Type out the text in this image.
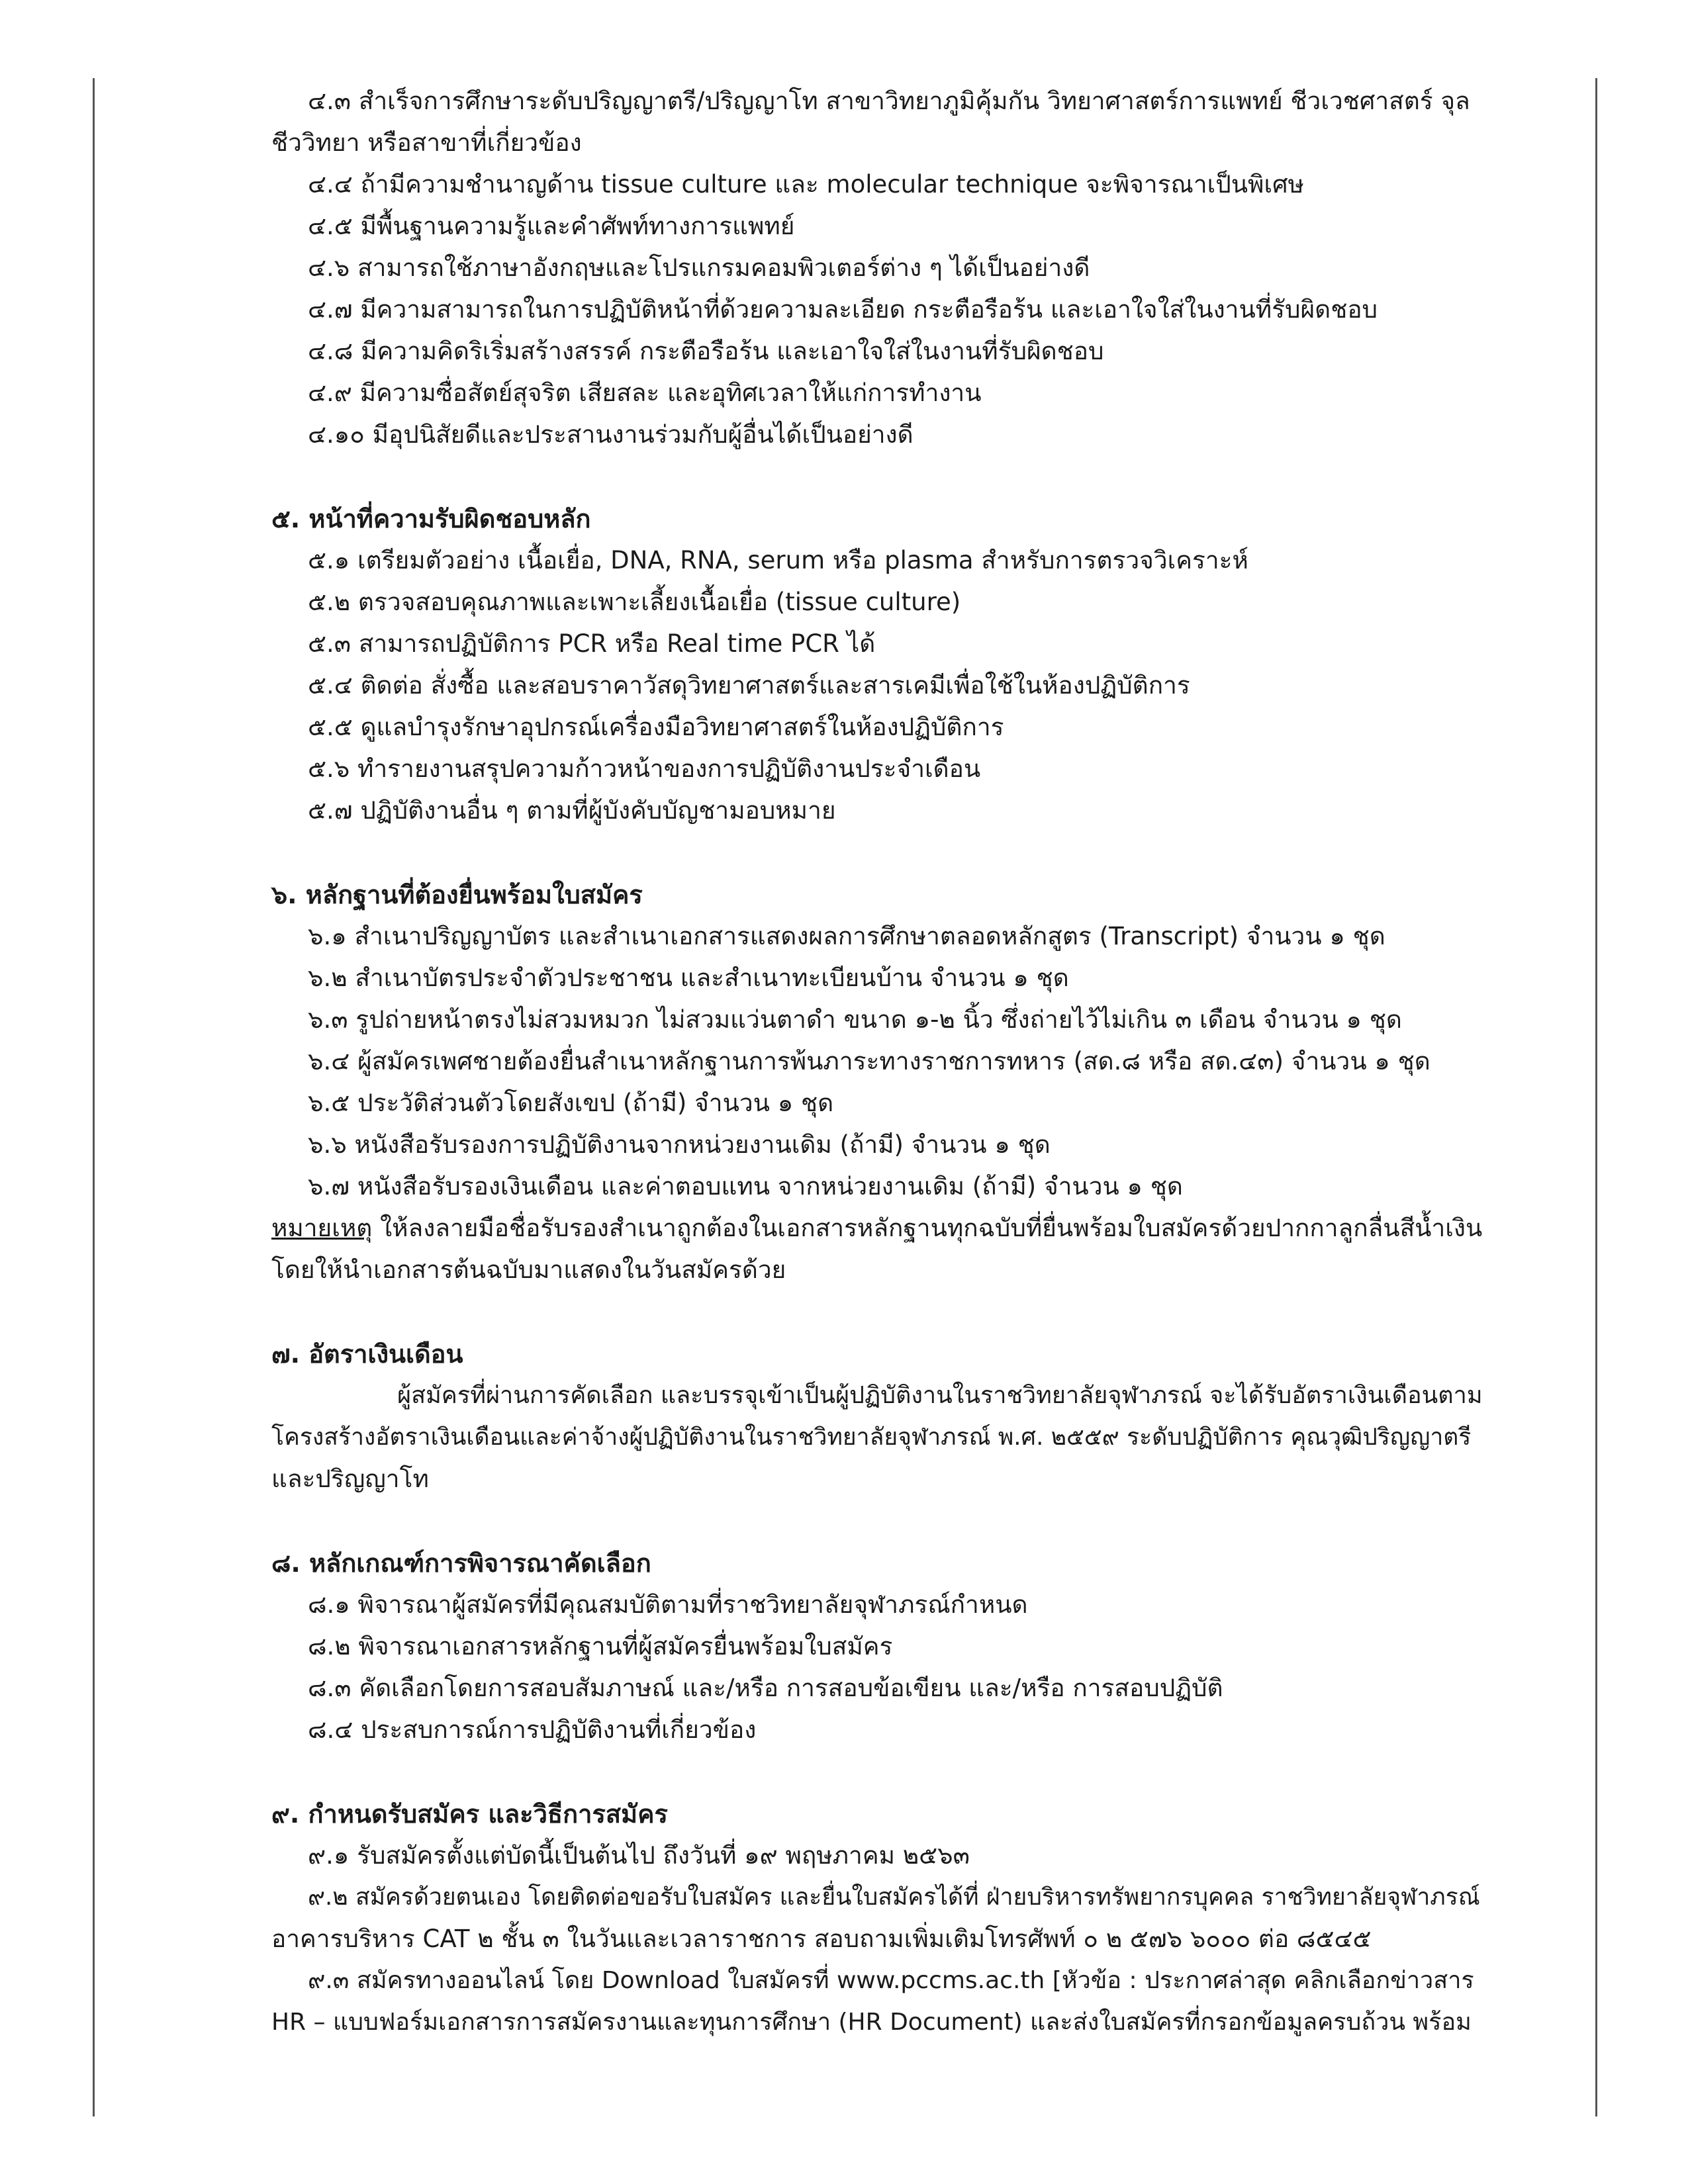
๔.๓ สำเร็จการศึกษาระดับปริญญาตรี/ปริญญาโท สาขาวิทยาภูมิคุ้มกัน วิทยาศาสตร์การแพทย์ ชีวเวชศาสตร์ จุล
ชีววิทยา หรือสาขาที่เกี่ยวข้อง
๔.๔ ถ้ามีความชำนาญด้าน tissue culture และ molecular technique จะพิจารณาเป็นพิเศษ
๔.๕ มีพื้นฐานความรู้และคำศัพท์ทางการแพทย์
๔.๖ สามารถใช้ภาษาอังกฤษและโปรแกรมคอมพิวเตอร์ต่าง ๆ ได้เป็นอย่างดี
๔.๗ มีความสามารถในการปฏิบัติหน้าที่ด้วยความละเอียด กระตือรือร้น และเอาใจใส่ในงานที่รับผิดชอบ
๔.๘ มีความคิดริเริ่มสร้างสรรค์ กระตือรือร้น และเอาใจใส่ในงานที่รับผิดชอบ
๔.๙ มีความซื่อสัตย์สุจริต เสียสละ และอุทิศเวลาให้แก่การทำงาน
๔.๑๐ มีอุปนิสัยดีและประสานงานร่วมกับผู้อื่นได้เป็นอย่างดี
๕. หน้าที่ความรับผิดชอบหลัก
๕.๑ เตรียมตัวอย่าง เนื้อเยื่อ, DNA, RNA, serum หรือ plasma สำหรับการตรวจวิเคราะห์
๕.๒ ตรวจสอบคุณภาพและเพาะเลี้ยงเนื้อเยื่อ (tissue culture)
๕.๓ สามารถปฏิบัติการ PCR หรือ Real time PCR ได้
๕.๔ ติดต่อ สั่งซื้อ และสอบราคาวัสดุวิทยาศาสตร์และสารเคมีเพื่อใช้ในห้องปฏิบัติการ
๕.๕ ดูแลบำรุงรักษาอุปกรณ์เครื่องมือวิทยาศาสตร์ในห้องปฏิบัติการ
๕.๖ ทำรายงานสรุปความก้าวหน้าของการปฏิบัติงานประจำเดือน
๕.๗ ปฏิบัติงานอื่น ๆ ตามที่ผู้บังคับบัญชามอบหมาย
๖. หลักฐานที่ต้องยื่นพร้อมใบสมัคร
๖.๑ สำเนาปริญญาบัตร และสำเนาเอกสารแสดงผลการศึกษาตลอดหลักสูตร (Transcript) จำนวน ๑ ชุด
๖.๒ สำเนาบัตรประจำตัวประชาชน และสำเนาทะเบียนบ้าน จำนวน ๑ ชุด
๖.๓ รูปถ่ายหน้าตรงไม่สวมหมวก ไม่สวมแว่นตาดำ ขนาด ๑-๒ นิ้ว ซึ่งถ่ายไว้ไม่เกิน ๓ เดือน จำนวน ๑ ชุด
๖.๔ ผู้สมัครเพศชายต้องยื่นสำเนาหลักฐานการพ้นภาระทางราชการทหาร (สด.๘ หรือ สด.๔๓) จำนวน ๑ ชุด
๖.๕ ประวัติส่วนตัวโดยสังเขป (ถ้ามี) จำนวน ๑ ชุด
๖.๖ หนังสือรับรองการปฏิบัติงานจากหน่วยงานเดิม (ถ้ามี) จำนวน ๑ ชุด
๖.๗ หนังสือรับรองเงินเดือน และค่าตอบแทน จากหน่วยงานเดิม (ถ้ามี) จำนวน ๑ ชุด
หมายเหตุ ให้ลงลายมือชื่อรับรองสำเนาถูกต้องในเอกสารหลักฐานทุกฉบับที่ยื่นพร้อมใบสมัครด้วยปากกาลูกลื่นสีน้ำเงิน
โดยให้นำเอกสารต้นฉบับมาแสดงในวันสมัครด้วย
๗. อัตราเงินเดือน
ผู้สมัครที่ผ่านการคัดเลือก และบรรจุเข้าเป็นผู้ปฏิบัติงานในราชวิทยาลัยจุฬาภรณ์ จะได้รับอัตราเงินเดือนตาม
โครงสร้างอัตราเงินเดือนและค่าจ้างผู้ปฏิบัติงานในราชวิทยาลัยจุฬาภรณ์ พ.ศ. ๒๕๕๙ ระดับปฏิบัติการ คุณวุฒิปริญญาตรี
และปริญญาโท
๘. หลักเกณฑ์การพิจารณาคัดเลือก
๘.๑ พิจารณาผู้สมัครที่มีคุณสมบัติตามที่ราชวิทยาลัยจุฬาภรณ์กำหนด
๘.๒ พิจารณาเอกสารหลักฐานที่ผู้สมัครยื่นพร้อมใบสมัคร
๘.๓ คัดเลือกโดยการสอบสัมภาษณ์ และ/หรือ การสอบข้อเขียน และ/หรือ การสอบปฏิบัติ
๘.๔ ประสบการณ์การปฏิบัติงานที่เกี่ยวข้อง
๙. กำหนดรับสมัคร และวิธีการสมัคร
๙.๑ รับสมัครตั้งแต่บัดนี้เป็นต้นไป ถึงวันที่ ๑๙ พฤษภาคม ๒๕๖๓
๙.๒ สมัครด้วยตนเอง โดยติดต่อขอรับใบสมัคร และยื่นใบสมัครได้ที่ ฝ่ายบริหารทรัพยากรบุคคล ราชวิทยาลัยจุฬาภรณ์
อาคารบริหาร CAT ๒ ชั้น ๓ ในวันและเวลาราชการ สอบถามเพิ่มเติมโทรศัพท์ ๐ ๒ ๕๗๖ ๖๐๐๐ ต่อ ๘๕๔๕
๙.๓ สมัครทางออนไลน์ โดย Download ใบสมัครที่ www.pccms.ac.th [หัวข้อ : ประกาศล่าสุด คลิกเลือกข่าวสาร
HR – แบบฟอร์มเอกสารการสมัครงานและทุนการศึกษา (HR Document) และส่งใบสมัครที่กรอกข้อมูลครบถ้วน พร้อม
